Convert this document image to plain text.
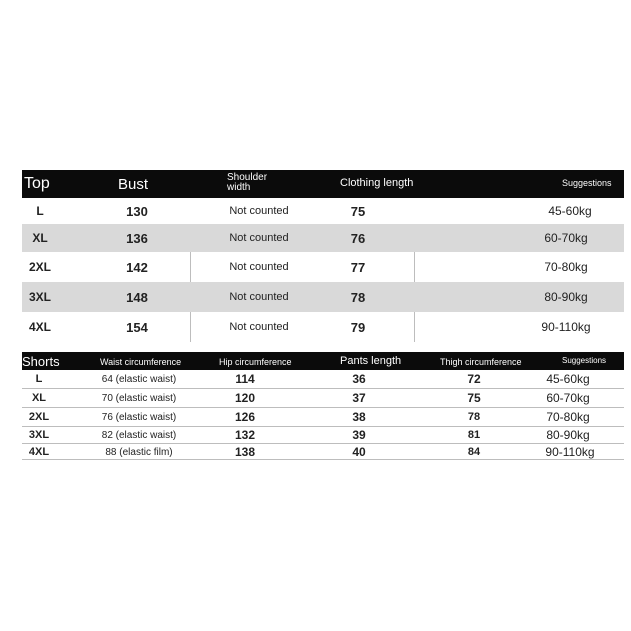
Top	Bust	Shoulder width	Clothing length	Suggestions
L	130	Not counted	75	45-60kg
XL	136	Not counted	76	60-70kg
2XL	142	Not counted	77	70-80kg
3XL	148	Not counted	78	80-90kg
4XL	154	Not counted	79	90-110kg
Shorts	Waist circumference	Hip circumference	Pants length	Thigh circumference	Suggestions
L	64 (elastic waist)	114	36	72	45-60kg
XL	70 (elastic waist)	120	37	75	60-70kg
2XL	76 (elastic waist)	126	38	78	70-80kg
3XL	82 (elastic waist)	132	39	81	80-90kg
4XL	88 (elastic film)	138	40	84	90-110kg
